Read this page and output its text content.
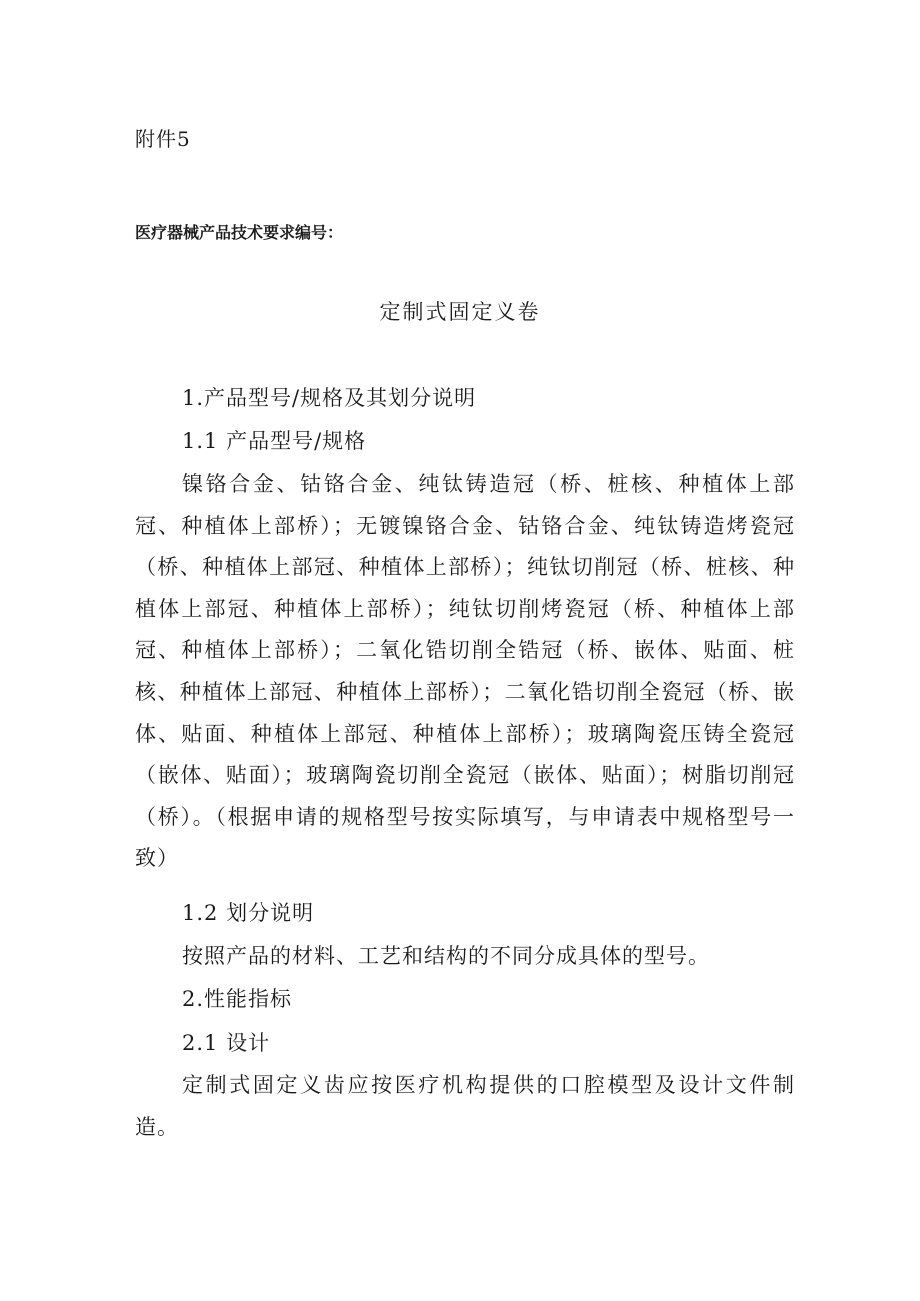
附件5
医疗器械产品技术要求编号：
定制式固定义卷
1.产品型号/规格及其划分说明
1.1 产品型号/规格

镍铬合金、钴铬合金、纯钛铸造冠（桥、桩核、种植体上部冠、种植体上部桥）；无镀镍铬合金、钴铬合金、纯钛铸造烤瓷冠（桥、种植体上部冠、种植体上部桥）；纯钛切削冠（桥、桩核、种植体上部冠、种植体上部桥）；纯钛切削烤瓷冠（桥、种植体上部冠、种植体上部桥）；二氧化锆切削全锆冠（桥、嵌体、贴面、桩核、种植体上部冠、种植体上部桥）；二氧化锆切削全瓷冠（桥、嵌体、贴面、种植体上部冠、种植体上部桥）；玻璃陶瓷压铸全瓷冠（嵌体、贴面）；玻璃陶瓷切削全瓷冠（嵌体、贴面）；树脂切削冠（桥）。（根据申请的规格型号按实际填写，与申请表中规格型号一致）

1.2 划分说明
按照产品的材料、工艺和结构的不同分成具体的型号。
2.性能指标
2.1 设计

定制式固定义齿应按医疗机构提供的口腔模型及设计文件制造。
